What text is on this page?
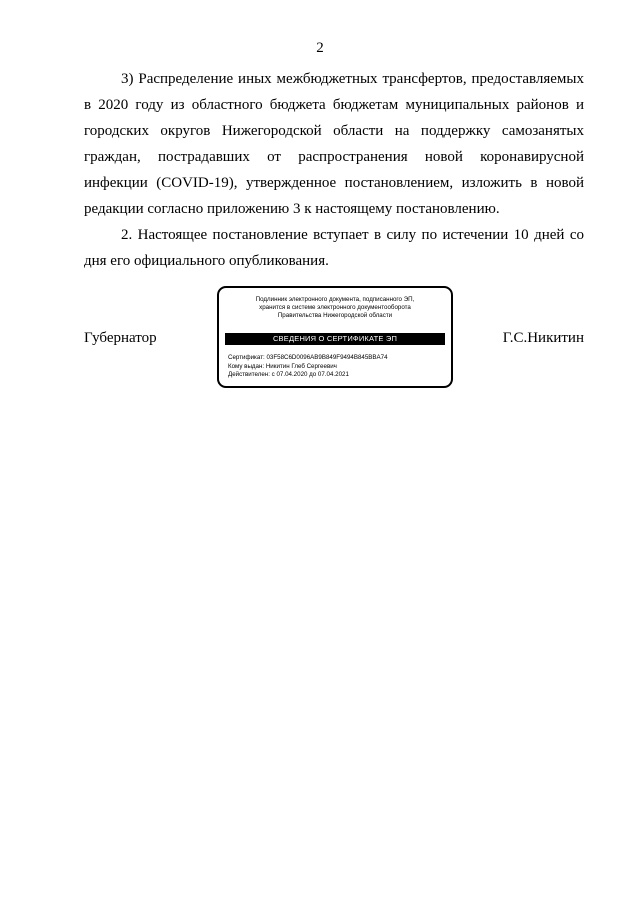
2

3) Распределение иных межбюджетных трансфертов, предоставляемых в 2020 году из областного бюджета бюджетам муниципальных районов и городских округов Нижегородской области на поддержку самозанятых граждан, пострадавших от распространения новой коронавирусной инфекции (COVID-19), утвержденное постановлением, изложить в новой редакции согласно приложению 3 к настоящему постановлению.

2. Настоящее постановление вступает в силу по истечении 10 дней со дня его официального опубликования.

Губернатор
Подлинник электронного документа, подписанного ЭП,
хранится в системе электронного документооборота
Правительства Нижегородской области
СВЕДЕНИЯ О СЕРТИФИКАТЕ ЭП
Сертификат: 03F58C6D0096AB9B849F9494B845BBA74
Кому выдан: Никитин Глеб Сергеевич
Действителен: с 07.04.2020 до 07.04.2021
Г.С.Никитин
